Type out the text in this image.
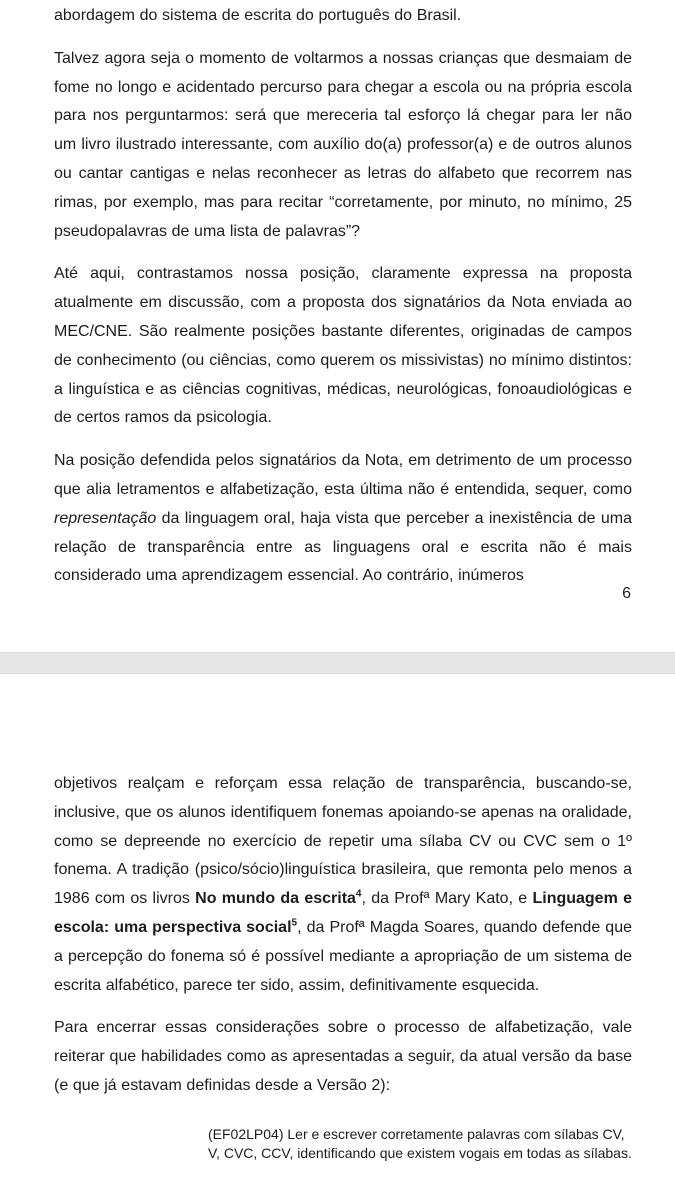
abordagem do sistema de escrita do português do Brasil.

Talvez agora seja o momento de voltarmos a nossas crianças que desmaiam de fome no longo e acidentado percurso para chegar a escola ou na própria escola para nos perguntarmos: será que mereceria tal esforço lá chegar para ler não um livro ilustrado interessante, com auxílio do(a) professor(a) e de outros alunos ou cantar cantigas e nelas reconhecer as letras do alfabeto que recorrem nas rimas, por exemplo, mas para recitar “corretamente, por minuto, no mínimo, 25 pseudopalavras de uma lista de palavras”?

Até aqui, contrastamos nossa posição, claramente expressa na proposta atualmente em discussão, com a proposta dos signatários da Nota enviada ao MEC/CNE. São realmente posições bastante diferentes, originadas de campos de conhecimento (ou ciências, como querem os missivistas) no mínimo distintos: a linguística e as ciências cognitivas, médicas, neurológicas, fonoaudiológicas e de certos ramos da psicologia.

Na posição defendida pelos signatários da Nota, em detrimento de um processo que alia letramentos e alfabetização, esta última não é entendida, sequer, como representação da linguagem oral, haja vista que perceber a inexistência de uma relação de transparência entre as linguagens oral e escrita não é mais considerado uma aprendizagem essencial. Ao contrário, inúmeros

6

objetivos realçam e reforçam essa relação de transparência, buscando-se, inclusive, que os alunos identifiquem fonemas apoiando-se apenas na oralidade, como se depreende no exercício de repetir uma sílaba CV ou CVC sem o 1º fonema. A tradição (psico/sócio)linguística brasileira, que remonta pelo menos a 1986 com os livros No mundo da escrita$^4$, da Profª Mary Kato, e Linguagem e escola: uma perspectiva social$^5$, da Profª Magda Soares, quando defende que a percepção do fonema só é possível mediante a apropriação de um sistema de escrita alfabético, parece ter sido, assim, definitivamente esquecida.

Para encerrar essas considerações sobre o processo de alfabetização, vale reiterar que habilidades como as apresentadas a seguir, da atual versão da base (e que já estavam definidas desde a Versão 2):

(EF02LP04) Ler e escrever corretamente palavras com sílabas CV, V, CVC, CCV, identificando que existem vogais em todas as sílabas.
